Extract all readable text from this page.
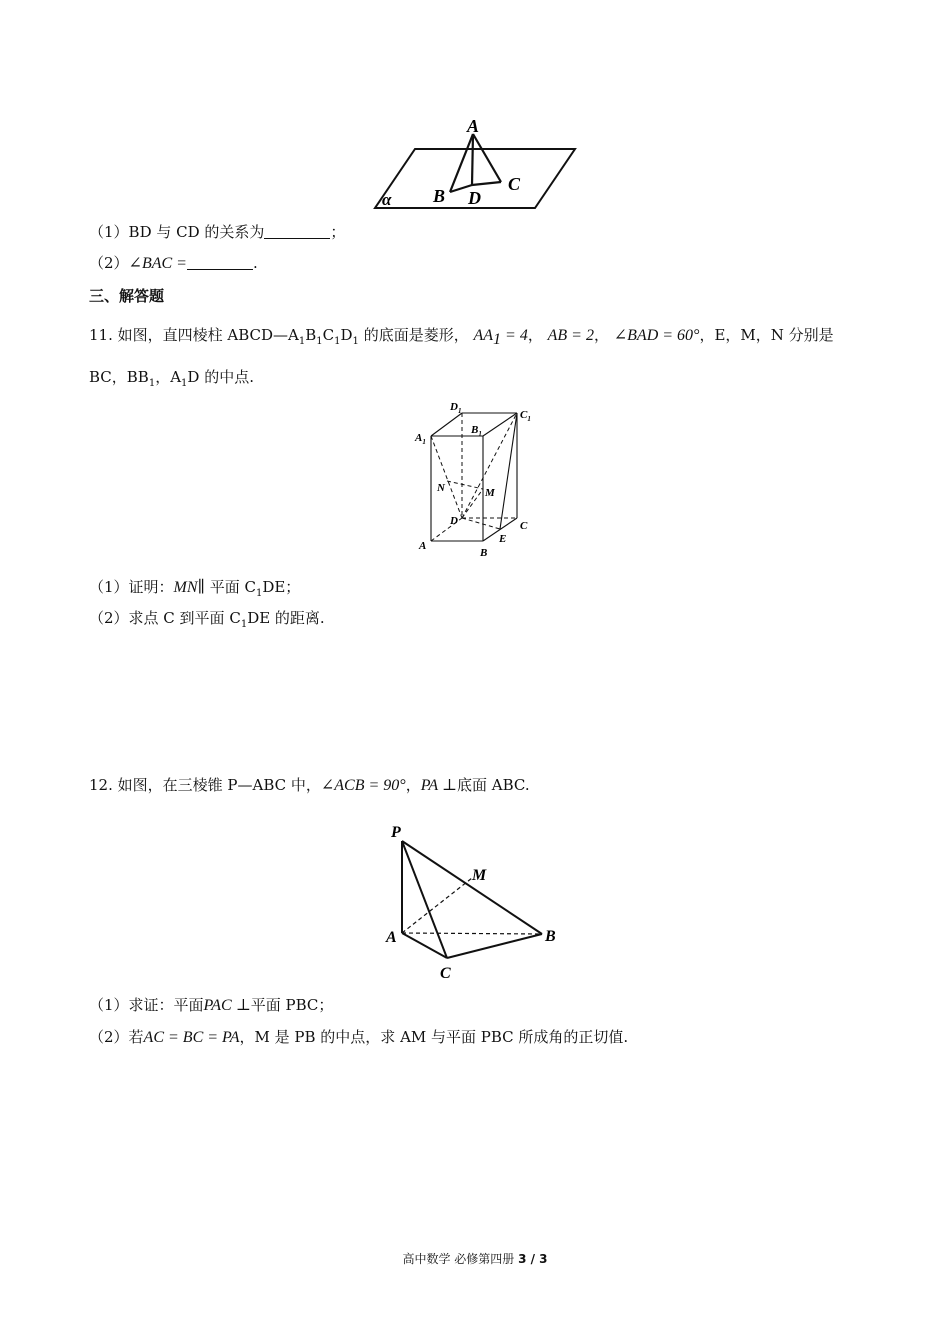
A
B D
C
α
（1）BD 与 CD 的关系为	；
（2）∠BAC =	.
三、解答题
11. 如图，直四棱柱 $ABCD—A_1B_1C_1D_1$ 的底面是菱形， $AA_1 = 4$， AB = 2， ∠BAD = 60°，E，M，N 分别是
BC，$BB_1$，$A_1D$ 的中点.
$D_1$	$C_1$
$A_1$
$B_1$
N	M
D	C
E
A
B
（1）证明：MN∥ 平面 $C_1DE$；
（2）求点 C 到平面 $C_1DE$ 的距离.
12. 如图，在三棱锥 P—ABC 中，∠ACB = 90°，PA ⊥底面 ABC.
P
M
A	B
C
（1）求证：平面PAC ⊥平面 PBC；
（2）若AC = BC = PA，M 是 PB 的中点，求 AM 与平面 PBC 所成角的正切值.
高中数学 必修第四册 3 / 3
